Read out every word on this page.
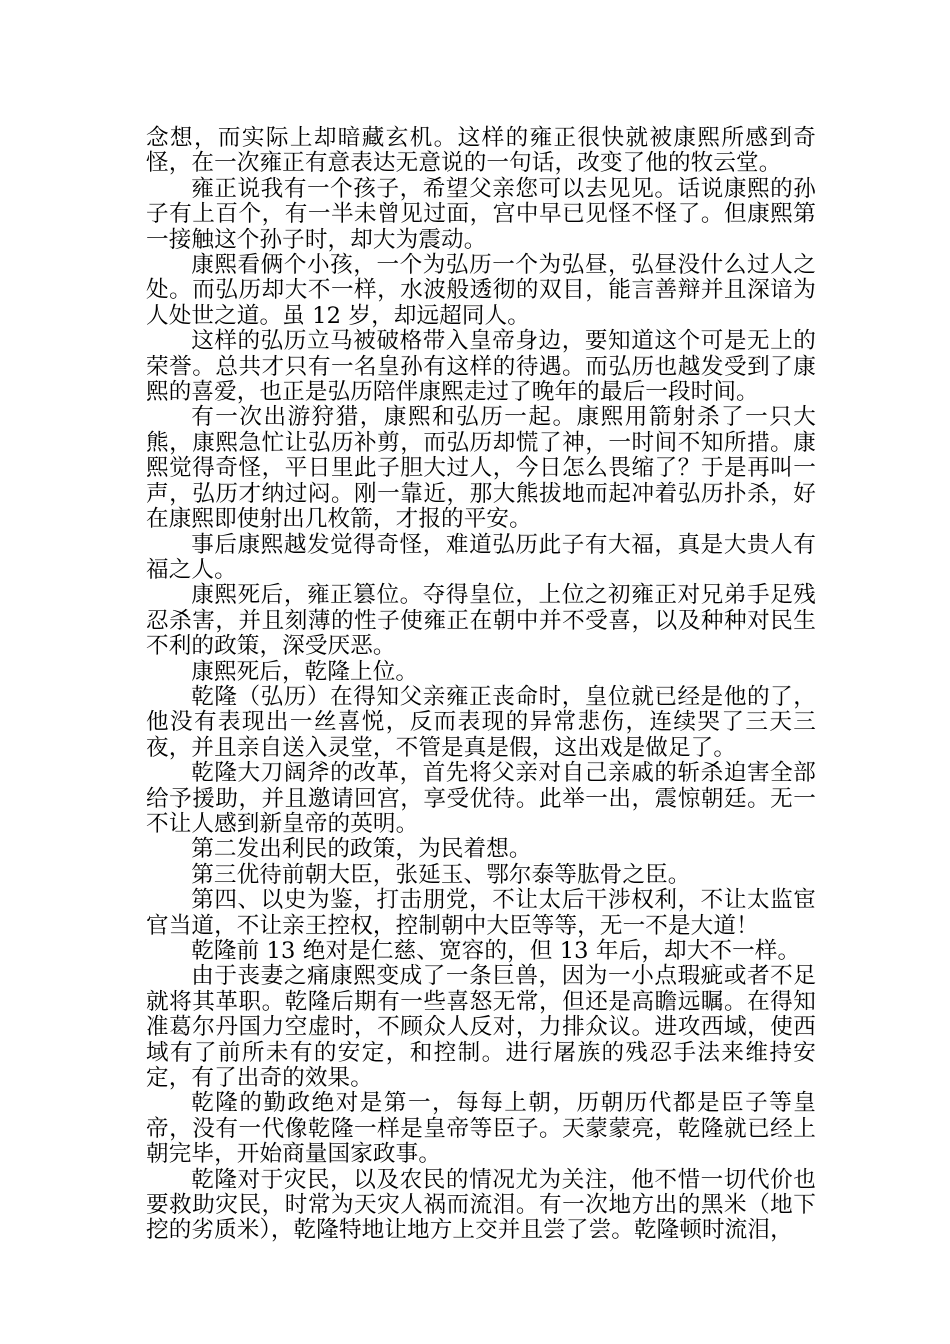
念想，而实际上却暗藏玄机。这样的雍正很快就被康熙所感到奇怪，在一次雍正有意表达无意说的一句话，改变了他的牧云堂。

雍正说我有一个孩子，希望父亲您可以去见见。话说康熙的孙子有上百个，有一半未曾见过面，宫中早已见怪不怪了。但康熙第一接触这个孙子时，却大为震动。

康熙看俩个小孩，一个为弘历一个为弘昼，弘昼没什么过人之处。而弘历却大不一样，水波般透彻的双目，能言善辩并且深谙为人处世之道。虽 12 岁，却远超同人。

这样的弘历立马被破格带入皇帝身边，要知道这个可是无上的荣誉。总共才只有一名皇孙有这样的待遇。而弘历也越发受到了康熙的喜爱，也正是弘历陪伴康熙走过了晚年的最后一段时间。

有一次出游狩猎，康熙和弘历一起。康熙用箭射杀了一只大熊，康熙急忙让弘历补剪，而弘历却慌了神，一时间不知所措。康熙觉得奇怪，平日里此子胆大过人，今日怎么畏缩了？于是再叫一声，弘历才纳过闷。刚一靠近，那大熊拔地而起冲着弘历扑杀，好在康熙即使射出几枚箭，才报的平安。

事后康熙越发觉得奇怪，难道弘历此子有大福，真是大贵人有福之人。

康熙死后，雍正篡位。夺得皇位，上位之初雍正对兄弟手足残忍杀害，并且刻薄的性子使雍正在朝中并不受喜，以及种种对民生不利的政策，深受厌恶。

康熙死后，乾隆上位。

乾隆（弘历）在得知父亲雍正丧命时，皇位就已经是他的了，他没有表现出一丝喜悦，反而表现的异常悲伤，连续哭了三天三夜，并且亲自送入灵堂，不管是真是假，这出戏是做足了。

乾隆大刀阔斧的改革，首先将父亲对自己亲戚的斩杀迫害全部给予援助，并且邀请回宫，享受优待。此举一出，震惊朝廷。无一不让人感到新皇帝的英明。

第二发出利民的政策，为民着想。

第三优待前朝大臣，张延玉、鄂尔泰等肱骨之臣。

第四、以史为鉴，打击朋党，不让太后干涉权利，不让太监宦官当道，不让亲王控权，控制朝中大臣等等，无一不是大道！

乾隆前 13 绝对是仁慈、宽容的，但 13 年后，却大不一样。

由于丧妻之痛康熙变成了一条巨兽，因为一小点瑕疵或者不足就将其革职。乾隆后期有一些喜怒无常，但还是高瞻远瞩。在得知准葛尔丹国力空虚时，不顾众人反对，力排众议。进攻西域，使西域有了前所未有的安定，和控制。进行屠族的残忍手法来维持安定，有了出奇的效果。

乾隆的勤政绝对是第一，每每上朝，历朝历代都是臣子等皇帝，没有一代像乾隆一样是皇帝等臣子。天蒙蒙亮，乾隆就已经上朝完毕，开始商量国家政事。

乾隆对于灾民，以及农民的情况尤为关注，他不惜一切代价也要救助灾民，时常为天灾人祸而流泪。有一次地方出的黑米（地下挖的劣质米），乾隆特地让地方上交并且尝了尝。乾隆顿时流泪，
